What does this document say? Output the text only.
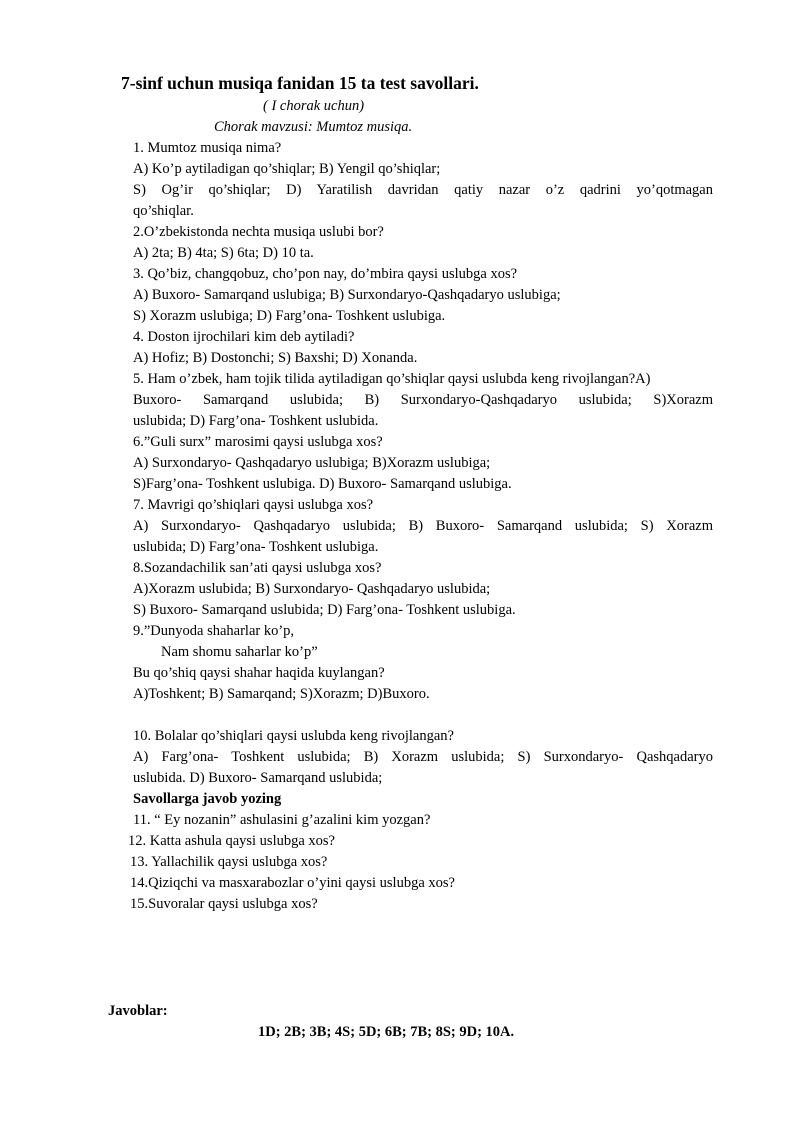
7-sinf uchun musiqa fanidan 15 ta test savollari.

( I chorak uchun)

Chorak mavzusi: Mumtoz musiqa.

1. Mumtoz musiqa nima?

A) Ko’p aytiladigan qo’shiqlar; B) Yengil qo’shiqlar;

S) Og’ir qo’shiqlar; D) Yaratilish davridan qatiy nazar o’z qadrini yo’qotmagan

qo’shiqlar.

2.O’zbekistonda nechta musiqa uslubi bor?

A) 2ta; B) 4ta; S) 6ta; D) 10 ta.

3. Qo’biz, changqobuz, cho’pon nay, do’mbira qaysi uslubga xos?

A) Buxoro- Samarqand uslubiga; B) Surxondaryo-Qashqadaryo uslubiga;

S) Xorazm uslubiga; D) Farg’ona- Toshkent uslubiga.

4. Doston ijrochilari kim deb aytiladi?

A) Hofiz; B) Dostonchi; S) Baxshi; D) Xonanda.

5. Ham o’zbek, ham tojik tilida aytiladigan qo’shiqlar qaysi uslubda keng rivojlangan?A)

Buxoro- Samarqand uslubida; B) Surxondaryo-Qashqadaryo uslubida; S)Xorazm

uslubida; D) Farg’ona- Toshkent uslubida.

6.”Guli surx” marosimi qaysi uslubga xos?

A) Surxondaryo- Qashqadaryo uslubiga; B)Xorazm uslubiga;

S)Farg’ona- Toshkent uslubiga. D) Buxoro- Samarqand uslubiga.

7. Mavrigi qo’shiqlari qaysi uslubga xos?

A) Surxondaryo- Qashqadaryo uslubida; B) Buxoro- Samarqand uslubida; S) Xorazm

uslubida; D) Farg’ona- Toshkent uslubiga.

8.Sozandachilik san’ati qaysi uslubga xos?

A)Xorazm uslubida; B) Surxondaryo- Qashqadaryo uslubida;

S) Buxoro- Samarqand uslubida; D) Farg’ona- Toshkent uslubiga.

9.”Dunyoda shaharlar ko’p,

Nam shomu saharlar ko’p”

Bu qo’shiq qaysi shahar haqida kuylangan?

A)Toshkent; B) Samarqand; S)Xorazm; D)Buxoro.

10. Bolalar qo’shiqlari qaysi uslubda keng rivojlangan?

A) Farg’ona- Toshkent uslubida; B) Xorazm uslubida; S) Surxondaryo- Qashqadaryo

uslubida. D) Buxoro- Samarqand uslubida;

Savollarga javob yozing

11. “ Ey nozanin” ashulasini g’azalini kim yozgan?

12. Katta ashula qaysi uslubga xos?

13. Yallachilik qaysi uslubga xos?

14.Qiziqchi va masxarabozlar o’yini qaysi uslubga xos?

15.Suvoralar qaysi uslubga xos?

Javoblar:

1D; 2B; 3B; 4S; 5D; 6B; 7B; 8S; 9D; 10A.
